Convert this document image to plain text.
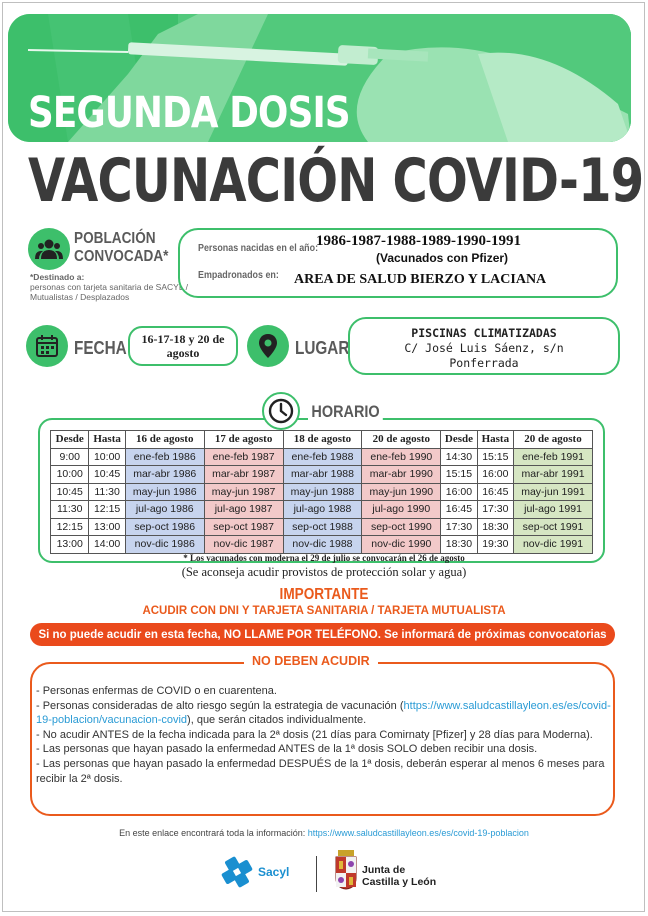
SEGUNDA DOSIS
VACUNACIÓN COVID-19
POBLACIÓN
CONVOCADA*
*Destinado a:
personas con tarjeta sanitaria de SACYL / Mutualistas / Desplazados
Personas nacidas en el año:
1986-1987-1988-1989-1990-1991
(Vacunados con Pfizer)
Empadronados en: AREA DE SALUD BIERZO Y LACIANA
FECHA	16-17-18 y 20 de agosto	LUGAR
PISCINAS CLIMATIZADAS
C/ José Luis Sáenz, s/n
Ponferrada
HORARIO
Desde	Hasta	16 de agosto	17 de agosto	18 de agosto	20 de agosto	Desde	Hasta	20 de agosto
9:00	10:00	ene-feb 1986	ene-feb 1987	ene-feb 1988	ene-feb 1990	14:30	15:15	ene-feb 1991
10:00	10:45	mar-abr 1986	mar-abr 1987	mar-abr 1988	mar-abr 1990	15:15	16:00	mar-abr 1991
10:45	11:30	may-jun 1986	may-jun 1987	may-jun 1988	may-jun 1990	16:00	16:45	may-jun 1991
11:30	12:15	jul-ago 1986	jul-ago 1987	jul-ago 1988	jul-ago 1990	16:45	17:30	jul-ago 1991
12:15	13:00	sep-oct 1986	sep-oct 1987	sep-oct 1988	sep-oct 1990	17:30	18:30	sep-oct 1991
13:00	14:00	nov-dic 1986	nov-dic 1987	nov-dic 1988	nov-dic 1990	18:30	19:30	nov-dic 1991
* Los vacunados con moderna el 29 de julio se convocarán el 26 de agosto
(Se aconseja acudir provistos de protección solar y agua)
IMPORTANTE
ACUDIR CON DNI Y TARJETA SANITARIA / TARJETA MUTUALISTA
Si no puede acudir en esta fecha, NO LLAME POR TELÉFONO. Se informará de próximas convocatorias
NO DEBEN ACUDIR
- Personas enfermas de COVID o en cuarentena.
- Personas consideradas de alto riesgo según la estrategia de vacunación (https://www.saludcastillayleon.es/es/covid-19-poblacion/vacunacion-covid), que serán citados individualmente.
- No acudir ANTES de la fecha indicada para la 2ª dosis (21 días para Comirnaty [Pfizer] y 28 días para Moderna).
- Las personas que hayan pasado la enfermedad ANTES de la 1ª dosis SOLO deben recibir una dosis.
- Las personas que hayan pasado la enfermedad DESPUÉS de la 1ª dosis, deberán esperar al menos 6 meses para recibir la 2ª dosis.
En este enlace encontrará toda la información: https://www.saludcastillayleon.es/es/covid-19-poblacion
Sacyl	Junta de
Castilla y León
